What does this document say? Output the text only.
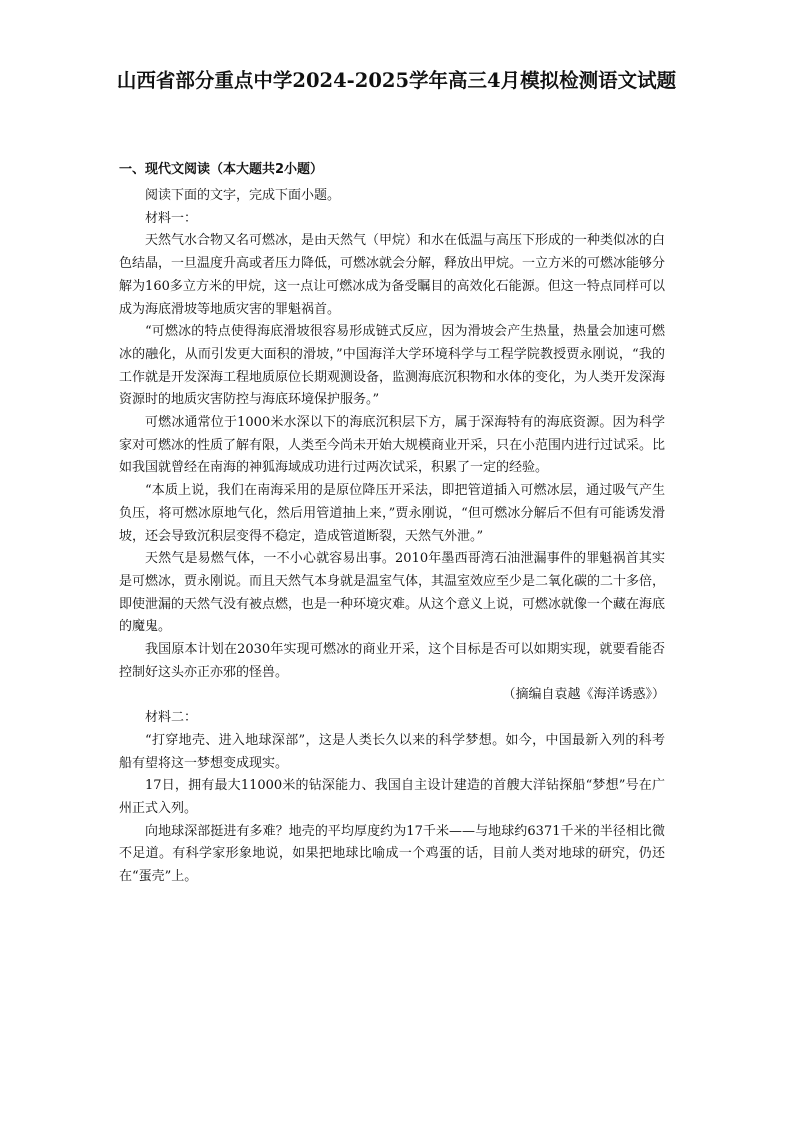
山西省部分重点中学2024-2025学年高三4月模拟检测语文试题
一、现代文阅读（本大题共2小题）

阅读下面的文字，完成下面小题。

材料一：

天然气水合物又名可燃冰，是由天然气（甲烷）和水在低温与高压下形成的一种类似冰的白色结晶，一旦温度升高或者压力降低，可燃冰就会分解，释放出甲烷。一立方米的可燃冰能够分解为160多立方米的甲烷，这一点让可燃冰成为备受瞩目的高效化石能源。但这一特点同样可以成为海底滑坡等地质灾害的罪魁祸首。

“可燃冰的特点使得海底滑坡很容易形成链式反应，因为滑坡会产生热量，热量会加速可燃冰的融化，从而引发更大面积的滑坡，”中国海洋大学环境科学与工程学院教授贾永刚说，“我的工作就是开发深海工程地质原位长期观测设备，监测海底沉积物和水体的变化，为人类开发深海资源时的地质灾害防控与海底环境保护服务。”

可燃冰通常位于1000米水深以下的海底沉积层下方，属于深海特有的海底资源。因为科学家对可燃冰的性质了解有限，人类至今尚未开始大规模商业开采，只在小范围内进行过试采。比如我国就曾经在南海的神狐海域成功进行过两次试采，积累了一定的经验。

“本质上说，我们在南海采用的是原位降压开采法，即把管道插入可燃冰层，通过吸气产生负压，将可燃冰原地气化，然后用管道抽上来，”贾永刚说，“但可燃冰分解后不但有可能诱发滑坡，还会导致沉积层变得不稳定，造成管道断裂，天然气外泄。”

天然气是易燃气体，一不小心就容易出事。2010年墨西哥湾石油泄漏事件的罪魁祸首其实是可燃冰，贾永刚说。而且天然气本身就是温室气体，其温室效应至少是二氧化碳的二十多倍，即使泄漏的天然气没有被点燃，也是一种环境灾难。从这个意义上说，可燃冰就像一个藏在海底的魔鬼。

我国原本计划在2030年实现可燃冰的商业开采，这个目标是否可以如期实现，就要看能否控制好这头亦正亦邪的怪兽。

（摘编自袁越《海洋诱惑》）

材料二：

“打穿地壳、进入地球深部”，这是人类长久以来的科学梦想。如今，中国最新入列的科考船有望将这一梦想变成现实。

17日，拥有最大11000米的钻深能力、我国自主设计建造的首艘大洋钻探船“梦想”号在广州正式入列。

向地球深部挺进有多难？地壳的平均厚度约为17千米——与地球约6371千米的半径相比微不足道。有科学家形象地说，如果把地球比喻成一个鸡蛋的话，目前人类对地球的研究，仍还在“蛋壳”上。
